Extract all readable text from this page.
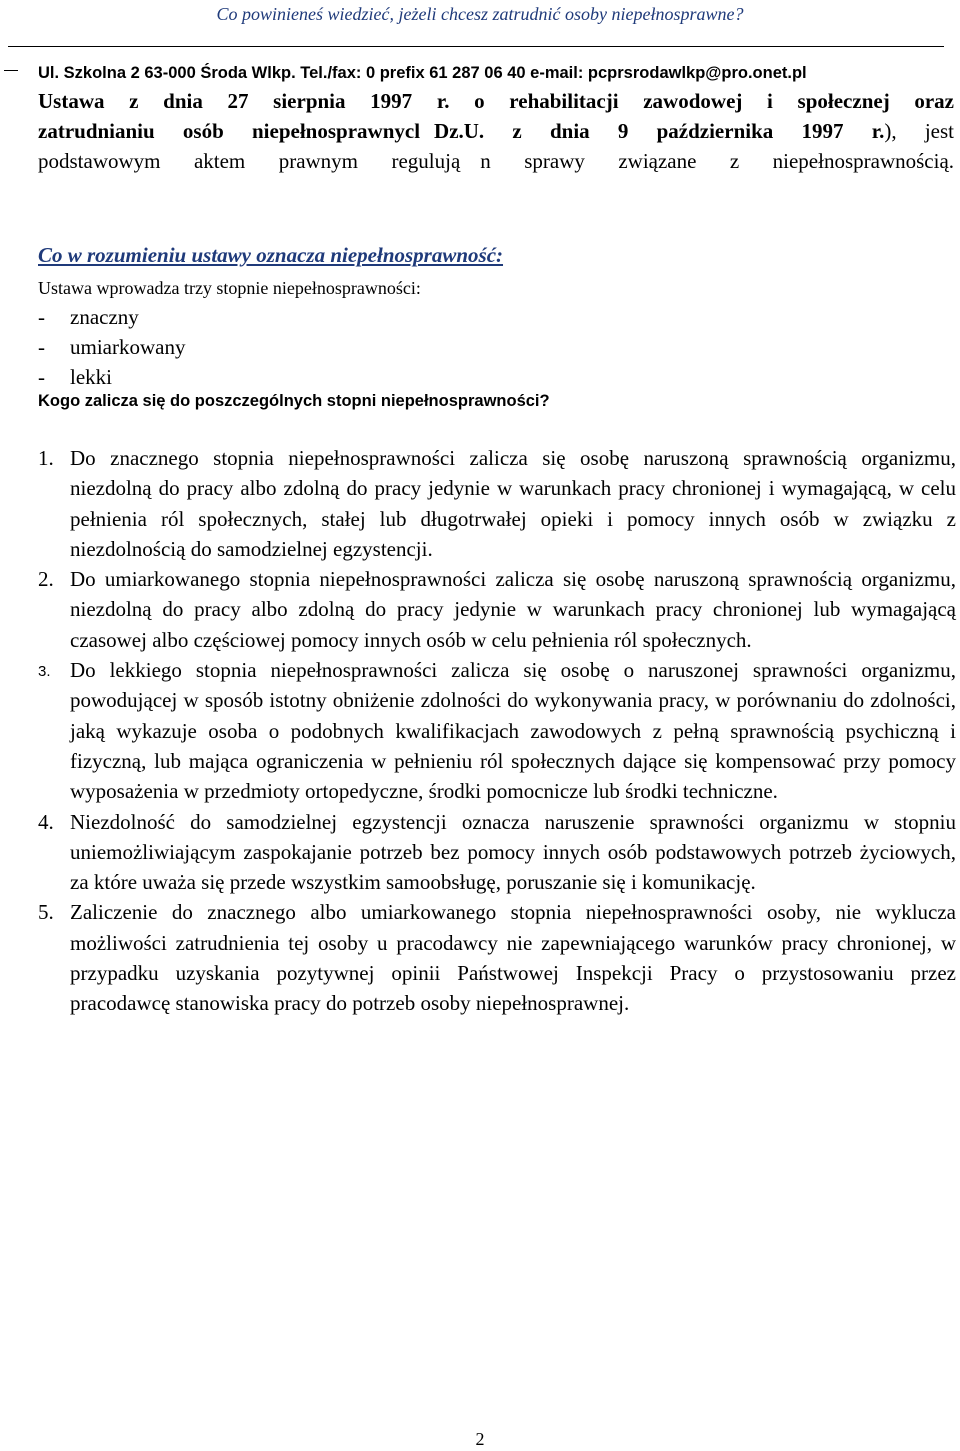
Co powinieneś wiedzieć, jeżeli chcesz zatrudnić osoby niepełnosprawne?
Ul. Szkolna 2 63-000 Środa Wlkp. Tel./fax: 0 prefix 61 287 06 40 e-mail: pcprsrodawlkp@pro.onet.pl
Ustawa z dnia 27 sierpnia 1997 r. o rehabilitacji zawodowej i społecznej oraz
zatrudnianiu osób niepełnosprawnycl Dz.U. z dnia 9 października 1997 r.), jest
podstawowym aktem prawnym regulują n sprawy związane z niepełnosprawnością.
Co w rozumieniu ustawy oznacza niepełnosprawność:
Ustawa wprowadza trzy stopnie niepełnosprawności:
-	znaczny
-	umiarkowany
-	lekki
Kogo zalicza się do poszczególnych stopni niepełnosprawności?
1. Do znacznego stopnia niepełnosprawności zalicza się osobę naruszoną sprawnością organizmu, niezdolną do pracy albo zdolną do pracy jedynie w warunkach pracy chronionej i wymagającą, w celu pełnienia ról społecznych, stałej lub długotrwałej opieki i pomocy innych osób w związku z niezdolnością do samodzielnej egzystencji.
2. Do umiarkowanego stopnia niepełnosprawności zalicza się osobę naruszoną sprawnością organizmu, niezdolną do pracy albo zdolną do pracy jedynie w warunkach pracy chronionej lub wymagającą czasowej albo częściowej pomocy innych osób w celu pełnienia ról społecznych.
3. Do lekkiego stopnia niepełnosprawności zalicza się osobę o naruszonej sprawności organizmu, powodującej w sposób istotny obniżenie zdolności do wykonywania pracy, w porównaniu do zdolności, jaką wykazuje osoba o podobnych kwalifikacjach zawodowych z pełną sprawnością psychiczną i fizyczną, lub mająca ograniczenia w pełnieniu ról społecznych dające się kompensować przy pomocy wyposażenia w przedmioty ortopedyczne, środki pomocnicze lub środki techniczne.
4. Niezdolność do samodzielnej egzystencji oznacza naruszenie sprawności organizmu w stopniu uniemożliwiającym zaspokajanie potrzeb bez pomocy innych osób podstawowych potrzeb życiowych, za które uważa się przede wszystkim samoobsługę, poruszanie się i komunikację.
5. Zaliczenie do znacznego albo umiarkowanego stopnia niepełnosprawności osoby, nie wyklucza możliwości zatrudnienia tej osoby u pracodawcy nie zapewniającego warunków pracy chronionej, w przypadku uzyskania pozytywnej opinii Państwowej Inspekcji Pracy o przystosowaniu przez pracodawcę stanowiska pracy do potrzeb osoby niepełnosprawnej.
2
